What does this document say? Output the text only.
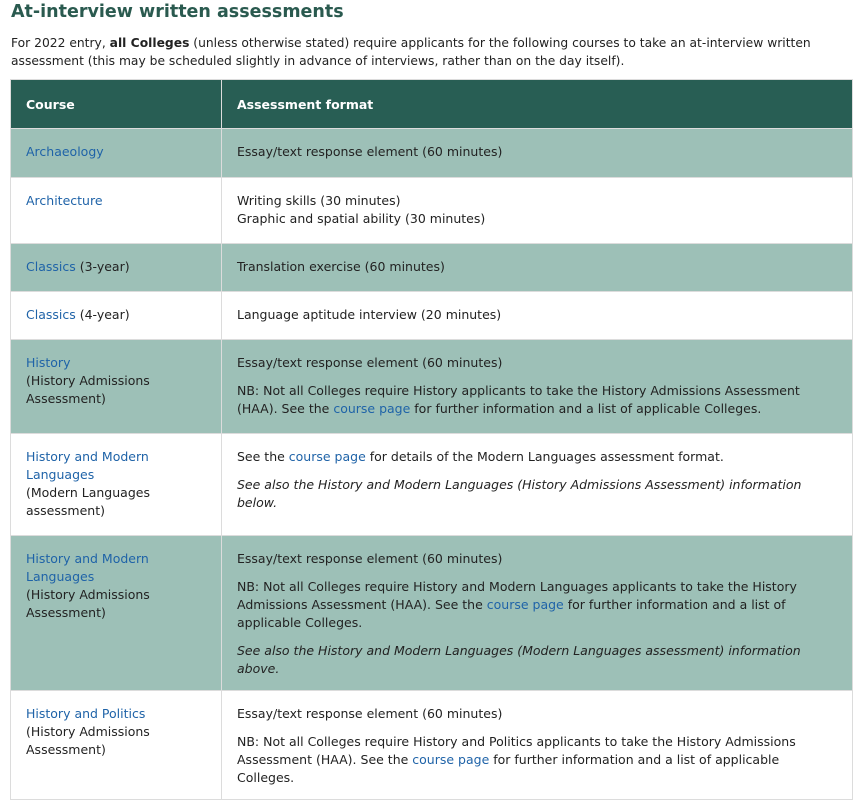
At-interview written assessments

For 2022 entry, all Colleges (unless otherwise stated) require applicants for the following courses to take an at-interview written assessment (this may be scheduled slightly in advance of interviews, rather than on the day itself).

Course	Assessment format
Archaeology	Essay/text response element (60 minutes)

Architecture	Writing skills (30 minutes)
Graphic and spatial ability (30 minutes)

Classics (3-year)	Translation exercise (60 minutes)

Classics (4-year)	Language aptitude interview (20 minutes)

History
(History Admissions Assessment)	Essay/text response element (60 minutes)
NB: Not all Colleges require History applicants to take the History Admissions Assessment (HAA). See the course page for further information and a list of applicable Colleges.

History and Modern Languages
(Modern Languages assessment)	See the course page for details of the Modern Languages assessment format.
See also the History and Modern Languages (History Admissions Assessment) information below.

History and Modern Languages
(History Admissions Assessment)	Essay/text response element (60 minutes)
NB: Not all Colleges require History and Modern Languages applicants to take the History Admissions Assessment (HAA). See the course page for further information and a list of applicable Colleges.
See also the History and Modern Languages (Modern Languages assessment) information above.

History and Politics
(History Admissions Assessment)	Essay/text response element (60 minutes)
NB: Not all Colleges require History and Politics applicants to take the History Admissions Assessment (HAA). See the course page for further information and a list of applicable Colleges.
